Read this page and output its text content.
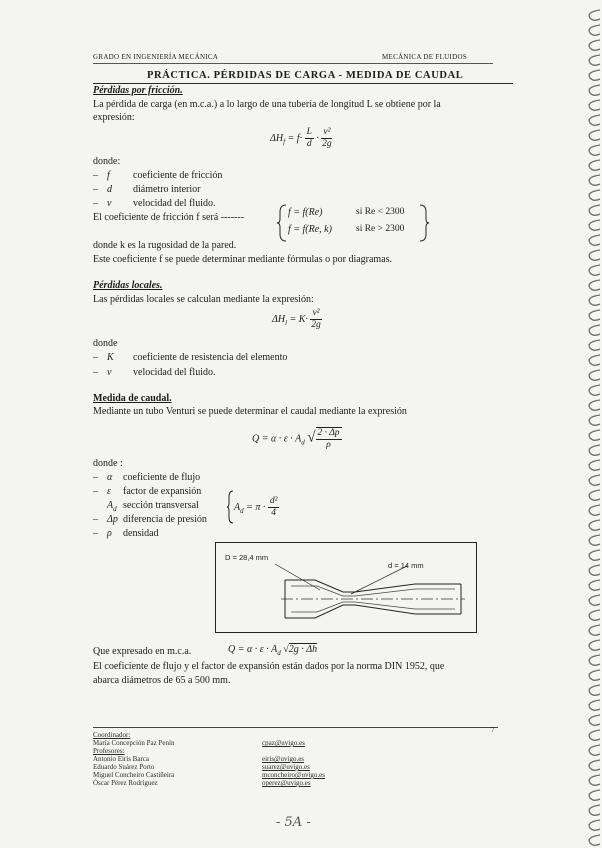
GRADO EN INGENIERÍA MECÁNICA	MECÁNICA DE FLUIDOS
PRÁCTICA. PÉRDIDAS DE CARGA - MEDIDA DE CAUDAL
Pérdidas por fricción.
La pérdida de carga (en m.c.a.) a lo largo de una tubería de longitud L se obtiene por la
expresión:
$\Delta H_f = f\cdot \frac{L}{d} \cdot \frac{\text{v²}}{2g}$
donde:
– f coeficiente de fricción
– d diámetro interior
– v velocidad del fluido.
El coeficiente de fricción f será -------	f = f(Re)	si Re < 2300
f = f(Re, k)	si Re > 2300
donde k es la rugosidad de la pared.
Este coeficiente f se puede determinar mediante fórmulas o por diagramas.
Pérdidas locales.
Las pérdidas locales se calculan mediante la expresión:
$\Delta H_l = K\cdot \frac{\text{v²}}{2g}$
donde
– K coeficiente de resistencia del elemento
– v velocidad del fluido.
Medida de caudal.
Mediante un tubo Venturi se puede determinar el caudal mediante la expresión
$Q = \alpha \cdot \varepsilon \cdot A_d$ √ $\frac{2 \cdot \Delta p}{\rho}$
donde :
– α coeficiente de flujo
– ε factor de expansión
$A_d$ sección transversal
– Δp diferencia de presión
– ρ densidad
$A_d = \pi \cdot \frac{\text{d²}}{4}$
D = 28,4 mm
d = 14 mm
Que expresado en m.c.a.	$Q = \alpha \cdot \varepsilon \cdot A_d$ √2g · Δh
El coeficiente de flujo y el factor de expansión están dados por la norma DIN 1952, que
abarca diámetros de 65 a 500 mm.
7
Coordinador:
María Concepción Paz Penín	cpaz@uvigo.es
Profesores:
Antonio Eirís Barca	eiris@uvigo.es
Eduardo Suárez Porto	suarez@uvigo.es
Miguel Concheiro Castiñeira	mconcheiro@uvigo.es
Óscar Pérez Rodríguez	operez@uvigo.es
- 5A -
